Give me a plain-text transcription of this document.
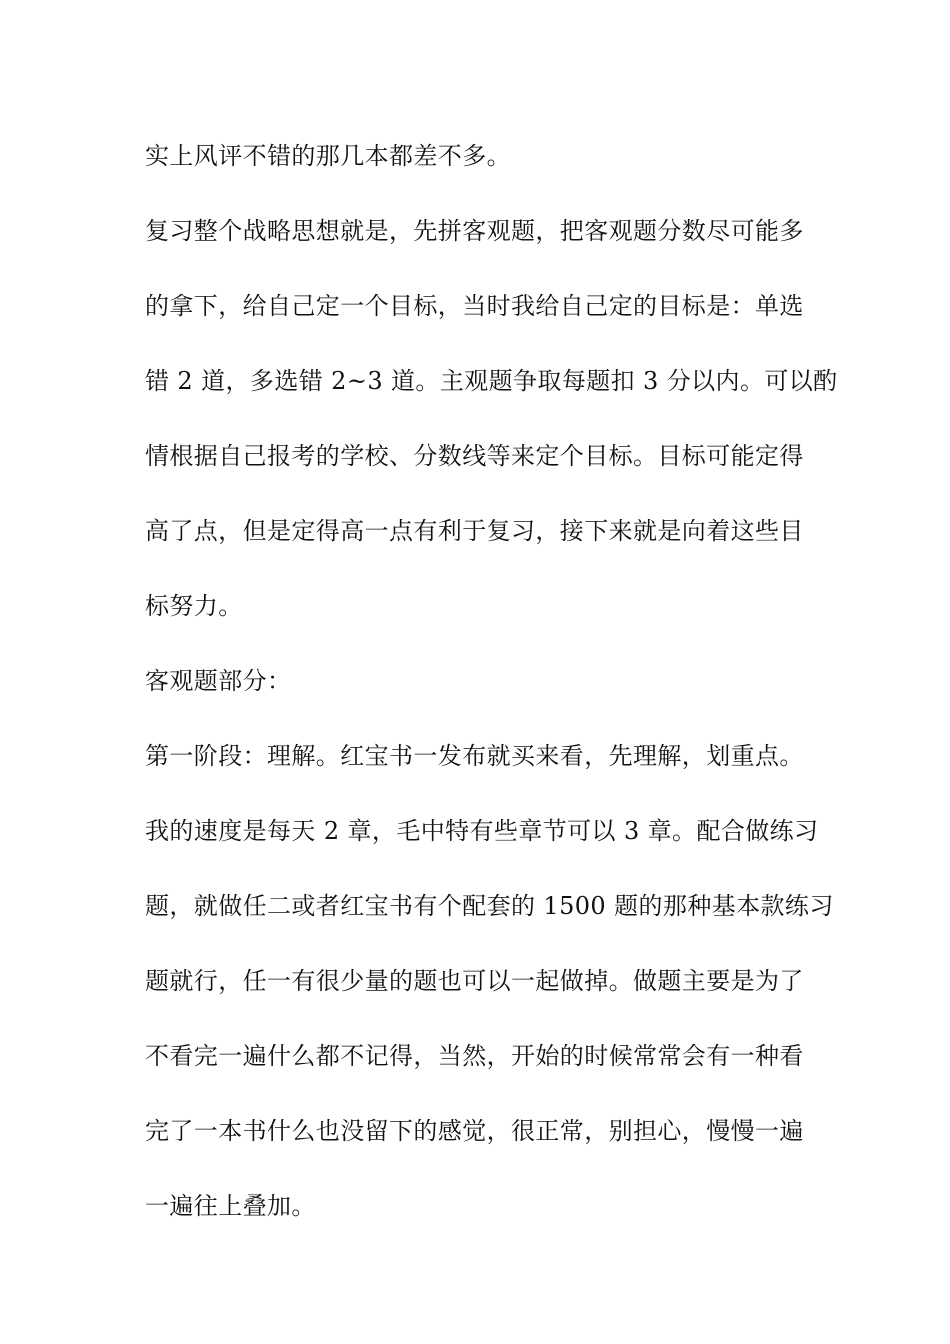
实上风评不错的那几本都差不多。

复习整个战略思想就是，先拼客观题，把客观题分数尽可能多
的拿下，给自己定一个目标，当时我给自己定的目标是：单选
错 2 道，多选错 2~3 道。主观题争取每题扣 3 分以内。可以酌
情根据自己报考的学校、分数线等来定个目标。目标可能定得
高了点，但是定得高一点有利于复习，接下来就是向着这些目
标努力。

客观题部分：

第一阶段：理解。红宝书一发布就买来看，先理解，划重点。

我的速度是每天 2 章，毛中特有些章节可以 3 章。配合做练习
题，就做任二或者红宝书有个配套的 1500 题的那种基本款练习
题就行，任一有很少量的题也可以一起做掉。做题主要是为了
不看完一遍什么都不记得，当然，开始的时候常常会有一种看
完了一本书什么也没留下的感觉，很正常，别担心，慢慢一遍
一遍往上叠加。
